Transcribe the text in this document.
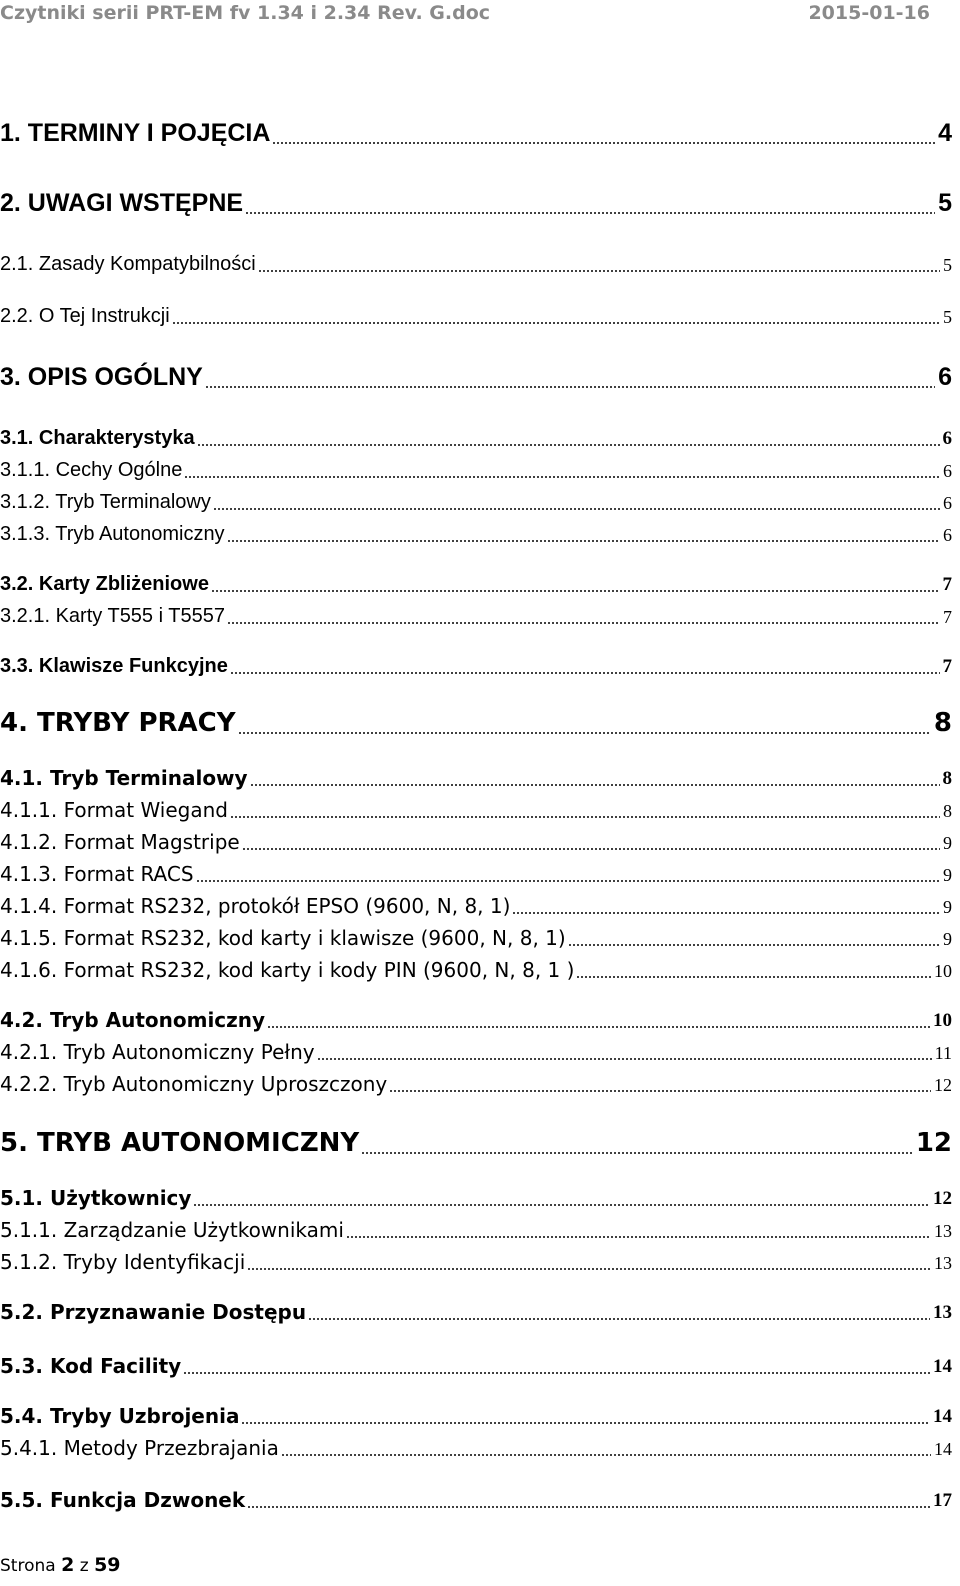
Czytniki serii PRT-EM fv 1.34 i 2.34 Rev. G.doc	2015-01-16
1. TERMINY I POJĘCIA	4
2. UWAGI WSTĘPNE	5
2.1. Zasady Kompatybilności	5
2.2. O Tej Instrukcji	5
3. OPIS OGÓLNY	6
3.1. Charakterystyka	6
3.1.1. Cechy Ogólne	6
3.1.2. Tryb Terminalowy	6
3.1.3. Tryb Autonomiczny	6
3.2. Karty Zbliżeniowe	7
3.2.1. Karty T555 i T5557	7
3.3. Klawisze Funkcyjne	7
4. TRYBY PRACY	8
4.1. Tryb Terminalowy	8
4.1.1. Format Wiegand	8
4.1.2. Format Magstripe	9
4.1.3. Format RACS	9
4.1.4. Format RS232, protokół EPSO (9600, N, 8, 1)	9
4.1.5. Format RS232, kod karty i klawisze (9600, N, 8, 1)	9
4.1.6. Format RS232, kod karty i kody PIN (9600, N, 8, 1 )	10
4.2. Tryb Autonomiczny	10
4.2.1. Tryb Autonomiczny Pełny	11
4.2.2. Tryb Autonomiczny Uproszczony	12
5. TRYB AUTONOMICZNY	12
5.1. Użytkownicy	12
5.1.1. Zarządzanie Użytkownikami	13
5.1.2. Tryby Identyfikacji	13
5.2. Przyznawanie Dostępu	13
5.3. Kod Facility	14
5.4. Tryby Uzbrojenia	14
5.4.1. Metody Przezbrajania	14
5.5. Funkcja Dzwonek	17
Strona 2 z 59
